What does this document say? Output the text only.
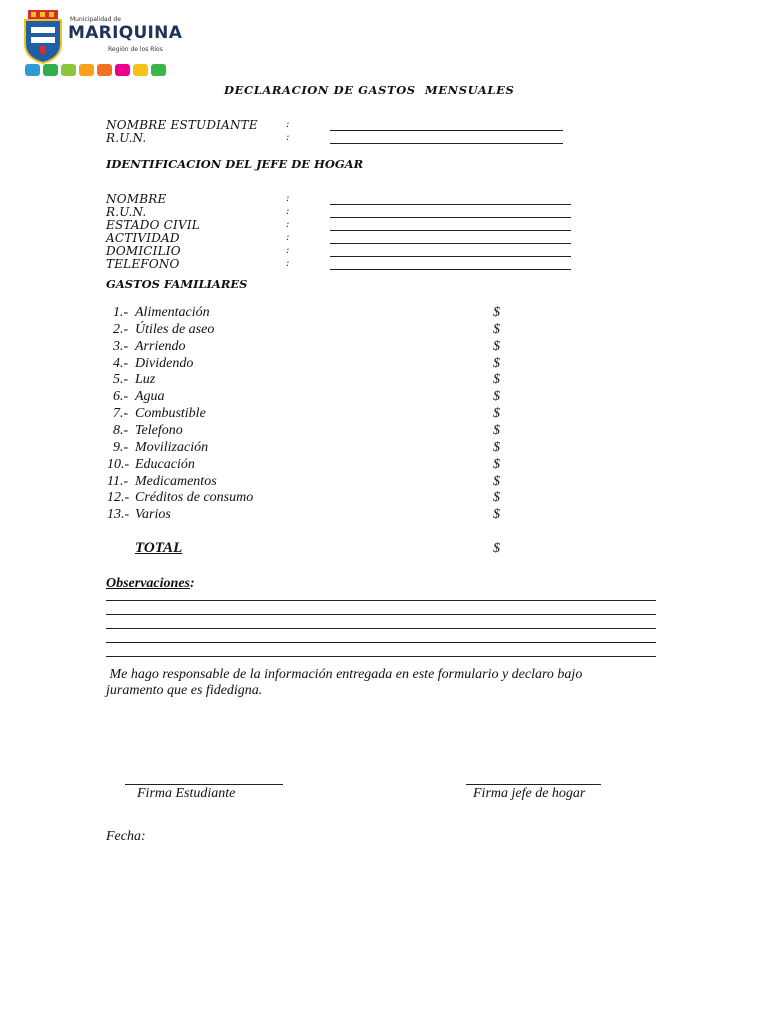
Municipalidad de
MARIQUINA
Región de los Ríos
DECLARACION DE GASTOS  MENSUALES
NOMBRE ESTUDIANTE	:
R.U.N.	:
IDENTIFICACION DEL JEFE DE HOGAR
NOMBRE	:
R.U.N.	:
ESTADO CIVIL	:
ACTIVIDAD	:
DOMICILIO	:
TELEFONO	:
GASTOS FAMILIARES
1.- Alimentación	$
2.- Útiles de aseo	$
3.- Arriendo	$
4.- Dividendo	$
5.- Luz	$
6.- Agua	$
7.- Combustible	$
8.- Telefono	$
9.- Movilización	$
10.- Educación	$
11.- Medicamentos	$
12.- Créditos de consumo	$
13.- Varios	$
TOTAL	$
Observaciones:
Me hago responsable de la información entregada en este formulario y declaro bajo
juramento que es fidedigna.
Firma Estudiante	Firma jefe de hogar
Fecha:
